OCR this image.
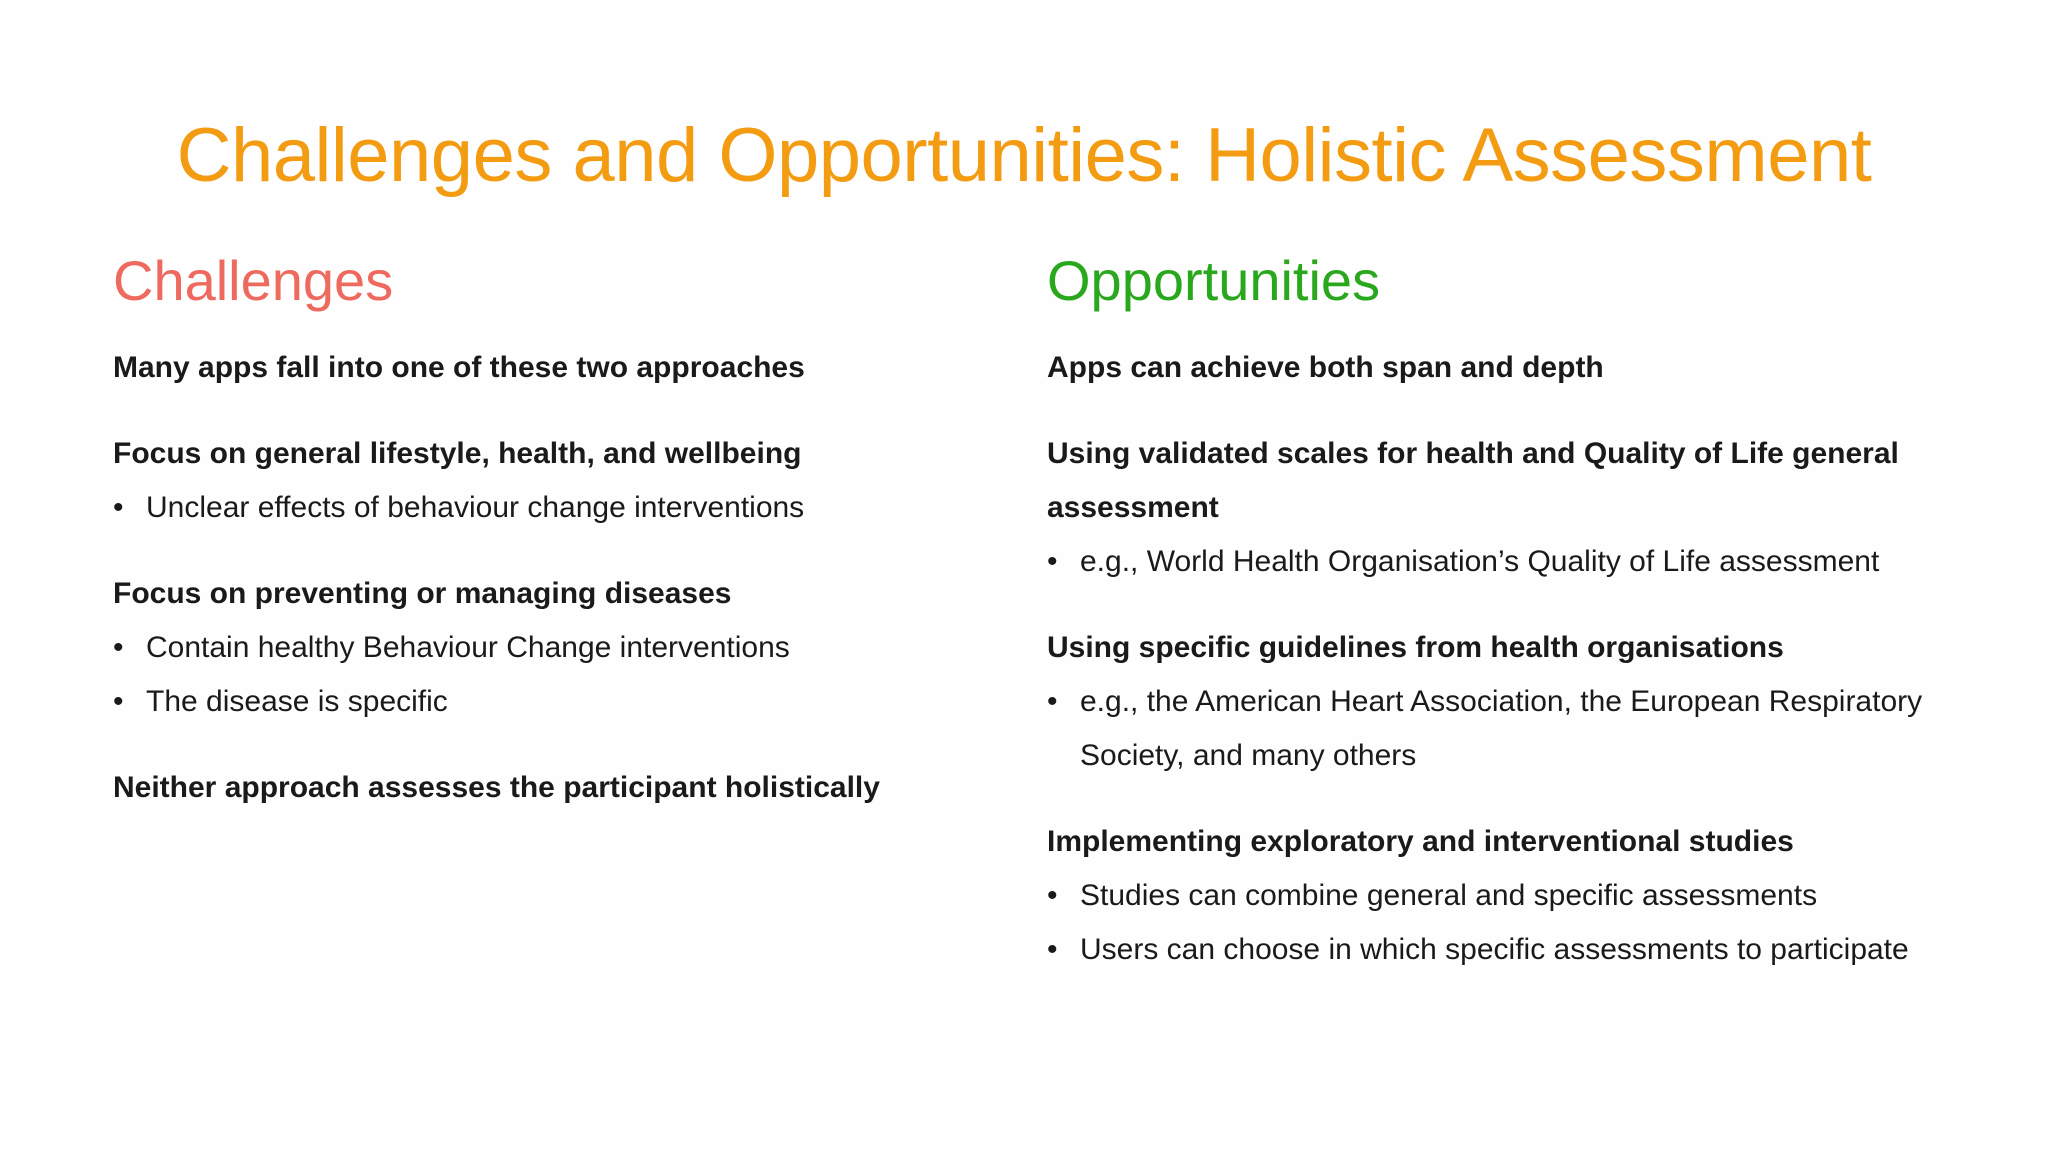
Challenges and Opportunities: Holistic Assessment
Challenges
Many apps fall into one of these two approaches
Focus on general lifestyle, health, and wellbeing
• Unclear effects of behaviour change interventions
Focus on preventing or managing diseases
• Contain healthy Behaviour Change interventions
• The disease is specific
Neither approach assesses the participant holistically
Opportunities
Apps can achieve both span and depth
Using validated scales for health and Quality of Life general assessment
• e.g., World Health Organisation’s Quality of Life assessment
Using specific guidelines from health organisations
• e.g., the American Heart Association, the European Respiratory Society, and many others
Implementing exploratory and interventional studies
• Studies can combine general and specific assessments
• Users can choose in which specific assessments to participate
